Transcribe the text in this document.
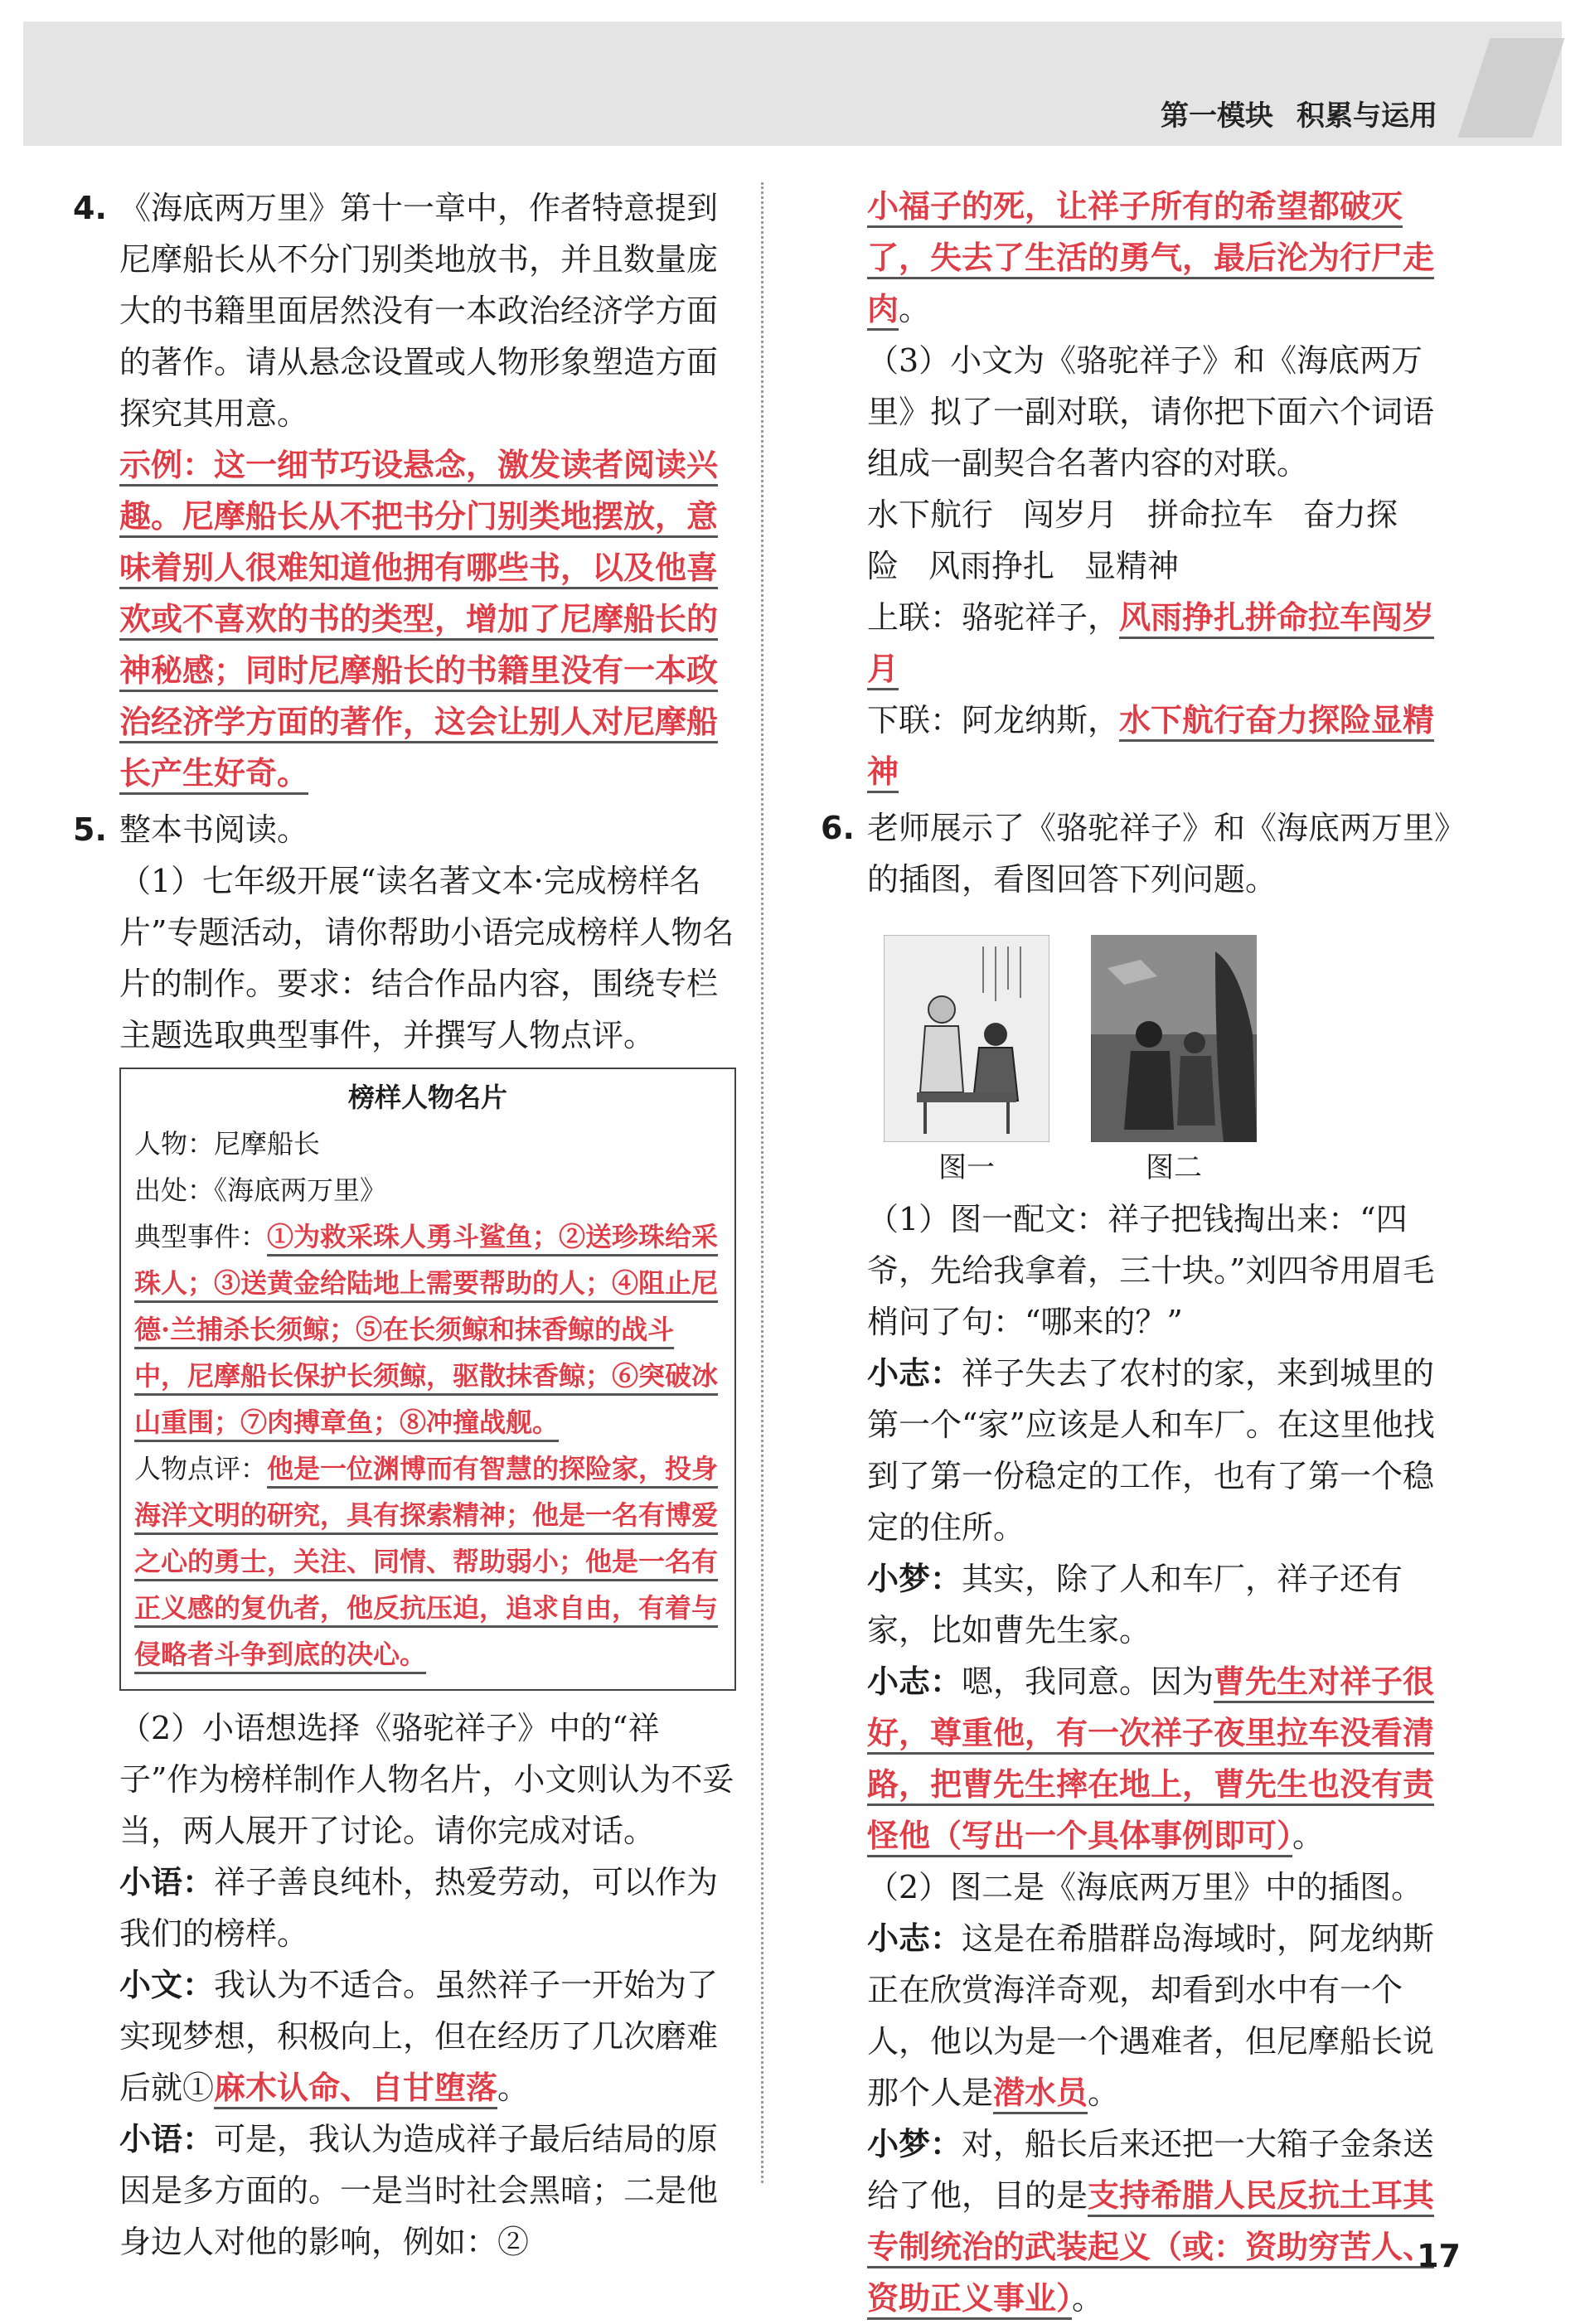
第一模块 积累与运用
4. 《海底两万里》第十一章中，作者特意提到尼摩船长从不分门别类地放书，并且数量庞大的书籍里面居然没有一本政治经济学方面的著作。请从悬念设置或人物形象塑造方面探究其用意。

示例：这一细节巧设悬念，激发读者阅读兴趣。尼摩船长从不把书分门别类地摆放，意味着别人很难知道他拥有哪些书，以及他喜欢或不喜欢的书的类型，增加了尼摩船长的神秘感；同时尼摩船长的书籍里没有一本政治经济学方面的著作，这会让别人对尼摩船长产生好奇。

5. 整本书阅读。

（1）七年级开展“读名著文本·完成榜样名片”专题活动，请你帮助小语完成榜样人物名片的制作。要求：结合作品内容，围绕专栏主题选取典型事件，并撰写人物点评。

榜样人物名片
人物：尼摩船长
出处：《海底两万里》
典型事件：①为救采珠人勇斗鲨鱼；②送珍珠给采珠人；③送黄金给陆地上需要帮助的人；④阻止尼德·兰捕杀长须鲸；⑤在长须鲸和抹香鲸的战斗中，尼摩船长保护长须鲸，驱散抹香鲸；⑥突破冰山重围；⑦肉搏章鱼；⑧冲撞战舰。
人物点评：他是一位渊博而有智慧的探险家，投身海洋文明的研究，具有探索精神；他是一名有博爱之心的勇士，关注、同情、帮助弱小；他是一名有正义感的复仇者，他反抗压迫，追求自由，有着与侵略者斗争到底的决心。

（2）小语想选择《骆驼祥子》中的“祥子”作为榜样制作人物名片，小文则认为不妥当，两人展开了讨论。请你完成对话。

小语：祥子善良纯朴，热爱劳动，可以作为我们的榜样。

小文：我认为不适合。虽然祥子一开始为了实现梦想，积极向上，但在经历了几次磨难后就①麻木认命、自甘堕落。

小语：可是，我认为造成祥子最后结局的原因是多方面的。一是当时社会黑暗；二是他身边人对他的影响，例如：②

小福子的死，让祥子所有的希望都破灭了，失去了生活的勇气，最后沦为行尸走肉。

（3）小文为《骆驼祥子》和《海底两万里》拟了一副对联，请你把下面六个词语组成一副契合名著内容的对联。

水下航行 闯岁月 拼命拉车 奋力探险 风雨挣扎 显精神

上联：骆驼祥子，风雨挣扎拼命拉车闯岁月

下联：阿龙纳斯，水下航行奋力探险显精神

6. 老师展示了《骆驼祥子》和《海底两万里》的插图，看图回答下列问题。

图一	图二

（1）图一配文：祥子把钱掏出来：“四爷，先给我拿着，三十块。”刘四爷用眉毛梢问了句：“哪来的？”

小志：祥子失去了农村的家，来到城里的第一个“家”应该是人和车厂。在这里他找到了第一份稳定的工作，也有了第一个稳定的住所。

小梦：其实，除了人和车厂，祥子还有家，比如曹先生家。

小志：嗯，我同意。因为曹先生对祥子很好，尊重他，有一次祥子夜里拉车没看清路，把曹先生摔在地上，曹先生也没有责怪他（写出一个具体事例即可）。

（2）图二是《海底两万里》中的插图。

小志：这是在希腊群岛海域时，阿龙纳斯正在欣赏海洋奇观，却看到水中有一个人，他以为是一个遇难者，但尼摩船长说那个人是潜水员。

小梦：对，船长后来还把一大箱子金条送给了他，目的是支持希腊人民反抗土耳其专制统治的武装起义（或：资助穷苦人、资助正义事业）。

17
